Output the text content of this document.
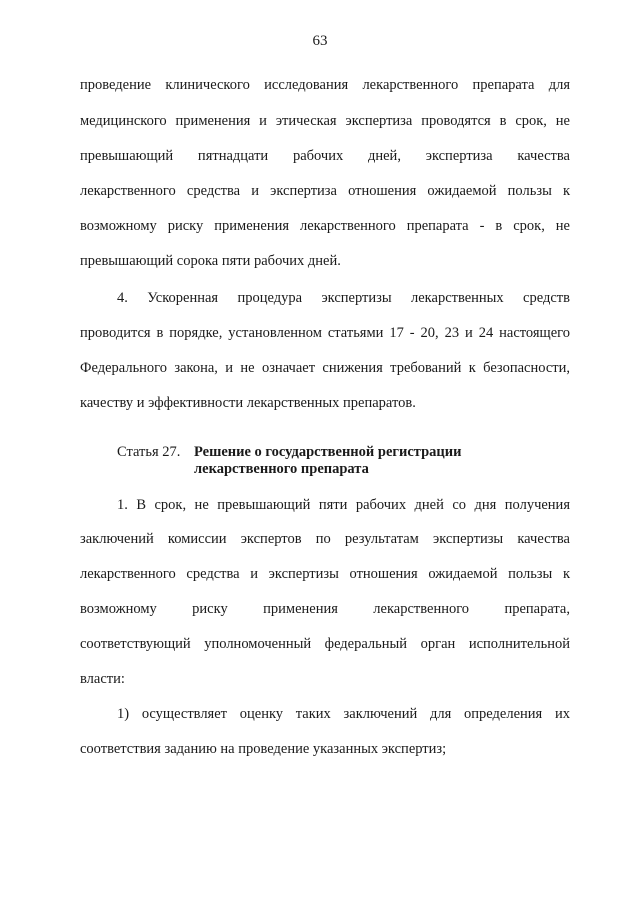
63
проведение клинического исследования лекарственного препарата для
медицинского применения и этическая экспертиза проводятся в срок, не
превышающий пятнадцати рабочих дней, экспертиза качества
лекарственного средства и экспертиза отношения ожидаемой пользы к
возможному риску применения лекарственного препарата - в срок, не
превышающий сорока пяти рабочих дней.
4. Ускоренная процедура экспертизы лекарственных средств
проводится в порядке, установленном статьями 17 - 20, 23 и 24 настоящего
Федерального закона, и не означает снижения требований к безопасности,
качеству и эффективности лекарственных препаратов.
Статья 27. Решение о государственной регистрации
лекарственного препарата
1. В срок, не превышающий пяти рабочих дней со дня получения
заключений комиссии экспертов по результатам экспертизы качества
лекарственного средства и экспертизы отношения ожидаемой пользы к
возможному риску применения лекарственного препарата,
соответствующий уполномоченный федеральный орган исполнительной
власти:
1) осуществляет оценку таких заключений для определения их
соответствия заданию на проведение указанных экспертиз;
